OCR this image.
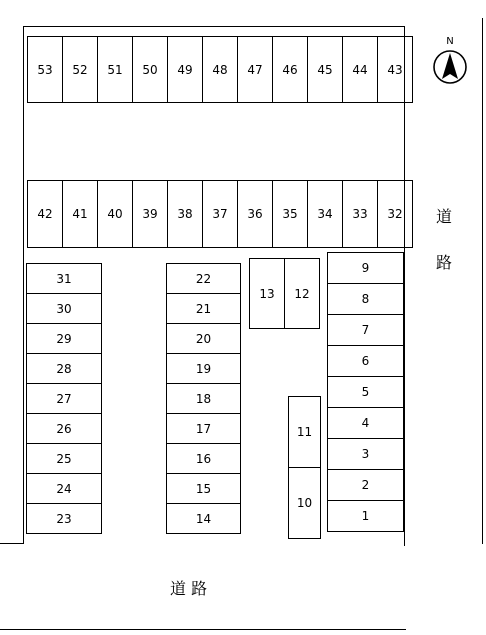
53	52	51	50	49	48	47	46	45	44	43
42	41	40	39	38	37	36	35	34	33	32
31
30
29
28
27
26
25
24
23
22
21
20
19
18
17
16
15
14
13	12
9
8
7
6
5
4
3
2
1
11
10
N
道
路
道 路
